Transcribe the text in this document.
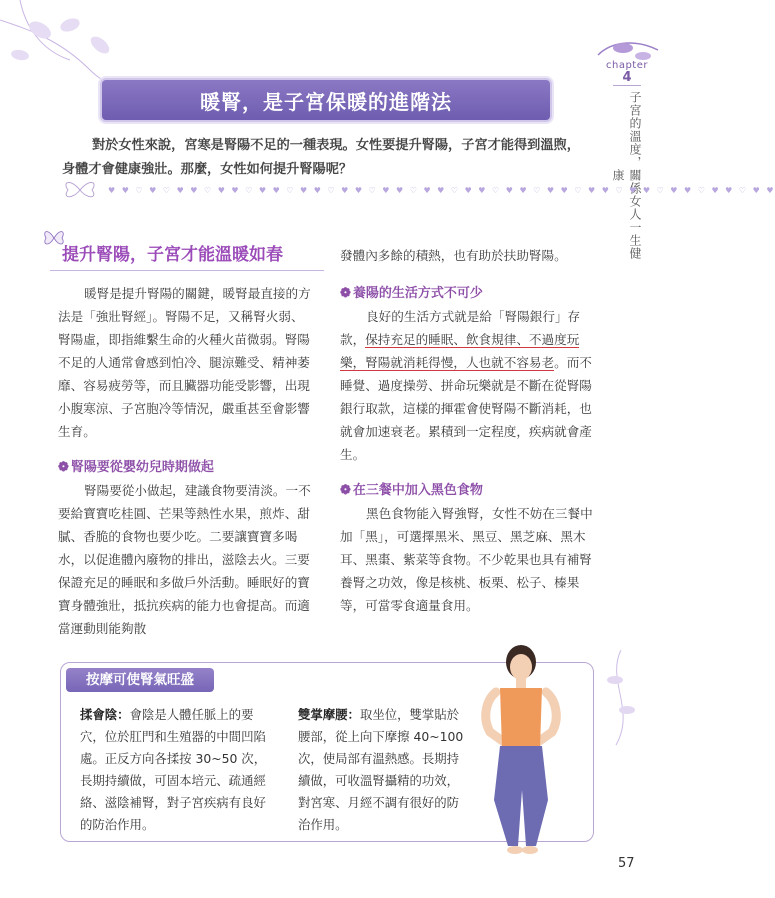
chapter
4
子宮的溫度，關係女人一生健康
暖腎，是子宮保暖的進階法
對於女性來說，宮寒是腎陽不足的一種表現。女性要提升腎陽，子宮才能得到溫煦，身體才會健康強壯。那麼，女性如何提升腎陽呢？
♥ ♥ ♡ ♥ ♡ ♥ ♥ ♡ ♥ ♥ ♡ ♥ ♥ ♡ ♥ ♥ ♡ ♥ ♥ ♡ ♥ ♥ ♡ ♥ ♥ ♡ ♥ ♥ ♡ ♥ ♥ ♡ ♥ ♥ ♡ ♥ ♥ ♡ ♥ ♥ ♡ ♥ ♥ ♡ ♥ ♥ ♡ ♥ ♥
提升腎陽，子宮才能溫暖如春

暖腎是提升腎陽的關鍵，暖腎最直接的方法是「強壯腎經」。腎陽不足，又稱腎火弱、腎陽虛，即指維繫生命的火種火苗微弱。腎陽不足的人通常會感到怕冷、腿涼難受、精神萎靡、容易疲勞等，而且臟器功能受影響，出現小腹寒涼、子宮胞冷等情況，嚴重甚至會影響生育。

❁ 腎陽要從嬰幼兒時期做起

腎陽要從小做起，建議食物要清淡。一不要給寶寶吃桂圓、芒果等熱性水果，煎炸、甜膩、香脆的食物也要少吃。二要讓寶寶多喝水，以促進體內廢物的排出，滋陰去火。三要保證充足的睡眠和多做戶外活動。睡眠好的寶寶身體強壯，抵抗疾病的能力也會提高。而適當運動則能夠散

發體內多餘的積熱，也有助於扶助腎陽。

❁ 養陽的生活方式不可少

良好的生活方式就是給「腎陽銀行」存款，保持充足的睡眠、飲食規律、不過度玩樂，腎陽就消耗得慢，人也就不容易老。而不睡覺、過度操勞、拼命玩樂就是不斷在從腎陽銀行取款，這樣的揮霍會使腎陽不斷消耗，也就會加速衰老。累積到一定程度，疾病就會產生。

❁ 在三餐中加入黑色食物

黑色食物能入腎強腎，女性不妨在三餐中加「黑」，可選擇黑米、黑豆、黑芝麻、黑木耳、黑棗、紫菜等食物。不少乾果也具有補腎養腎之功效，像是核桃、板栗、松子、榛果等，可當零食適量食用。

按摩可使腎氣旺盛
揉會陰：會陰是人體任脈上的要穴，位於肛門和生殖器的中間凹陷處。正反方向各揉按 30~50 次，長期持續做，可固本培元、疏通經絡、滋陰補腎，對子宮疾病有良好的防治作用。
雙掌摩腰：取坐位，雙掌貼於腰部，從上向下摩擦 40~100 次，使局部有溫熱感。長期持續做，可收溫腎攝精的功效，對宮寒、月經不調有很好的防治作用。
57
